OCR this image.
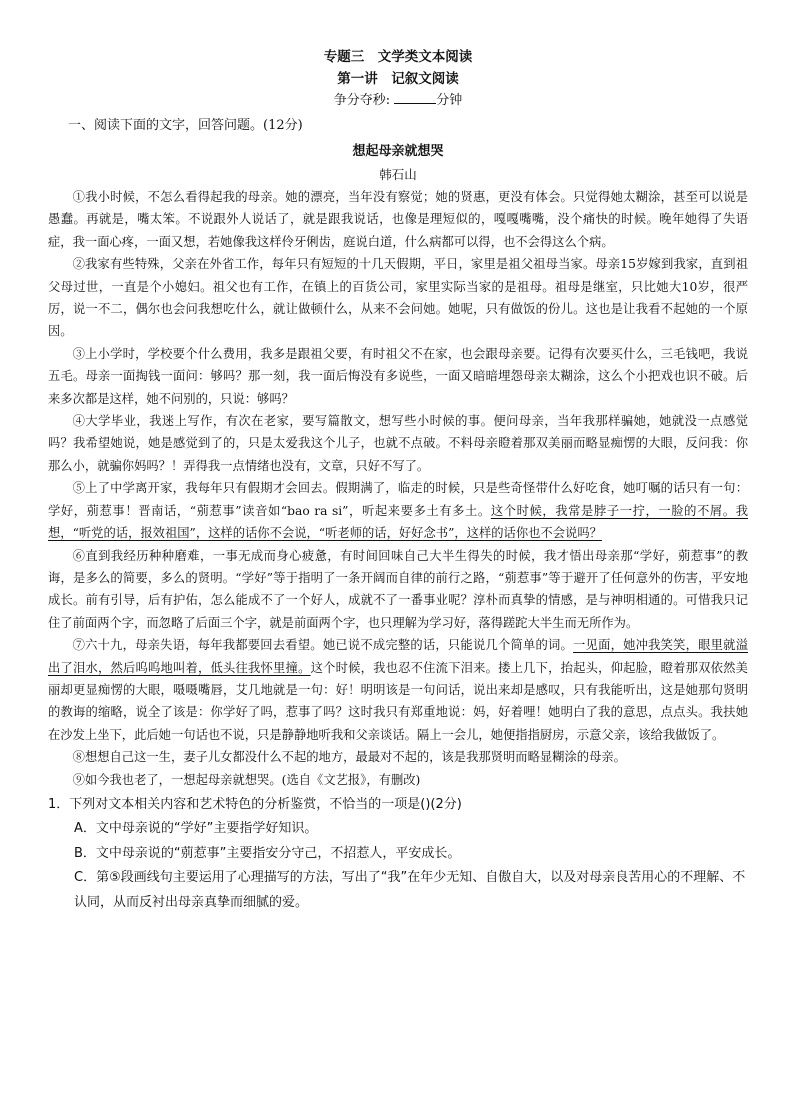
专题三　文学类文本阅读
第一讲　记叙文阅读
争分夺秒:	分钟
一、阅读下面的文字，回答问题。(12分)
想起母亲就想哭
韩石山

①我小时候，不怎么看得起我的母亲。她的漂亮，当年没有察觉；她的贤惠，更没有体会。只觉得她太糊涂，甚至可以说是愚蠢。再就是，嘴太笨。不说跟外人说话了，就是跟我说话，也像是理短似的，嘎嘎嘴嘴，没个痛快的时候。晚年她得了失语症，我一面心疼，一面又想，若她像我这样伶牙俐齿，庭说白道，什么病都可以得，也不会得这么个病。

②我家有些特殊，父亲在外省工作，每年只有短短的十几天假期，平日，家里是祖父祖母当家。母亲15岁嫁到我家，直到祖父母过世，一直是个小媳妇。祖父也有工作，在镇上的百货公司，家里实际当家的是祖母。祖母是继室，只比她大10岁，很严厉，说一不二，偶尔也会问我想吃什么，就让做顿什么，从来不会问她。她呢，只有做饭的份儿。这也是让我看不起她的一个原因。

③上小学时，学校要个什么费用，我多是跟祖父要，有时祖父不在家，也会跟母亲要。记得有次要买什么，三毛钱吧，我说五毛。母亲一面掏钱一面问：够吗？那一刻，我一面后悔没有多说些，一面又暗暗埋怨母亲太糊涂，这么个小把戏也识不破。后来多次都是这样，她不问别的，只说：够吗？

④大学毕业，我迷上写作，有次在老家，要写篇散文，想写些小时候的事。便问母亲，当年我那样骗她，她就没一点感觉吗？我希望她说，她是感觉到了的，只是太爱我这个儿子，也就不点破。不料母亲瞪着那双美丽而略显痴愣的大眼，反问我：你那么小，就骗你妈吗？！弄得我一点情绪也没有，文章，只好不写了。

⑤上了中学离开家，我每年只有假期才会回去。假期满了，临走的时候，只是些奇怪带什么好吃食，她叮嘱的话只有一句：学好，莂惹事！晋南话，“莂惹事”读音如“bao ra si”，听起来要多土有多土。这个时候，我常是脖子一拧，一脸的不屑。我想，“听党的话，报效祖国”，这样的话你不会说，“听老师的话，好好念书”，这样的话你也不会说吗？

⑥直到我经历种种磨难，一事无成而身心疲惫，有时间回味自己大半生得失的时候，我才悟出母亲那“学好，莂惹事”的教诲，是多么的简要，多么的贤明。“学好”等于指明了一条开阔而自律的前行之路，“莂惹事”等于避开了任何意外的伤害，平安地成长。前有引导，后有护佑，怎么能成不了一个好人，成就不了一番事业呢？淳朴而真挚的情感，是与神明相通的。可惜我只记住了前面两个字，而忽略了后面三个字，就是前面两个字，也只理解为学习好，落得蹉跎大半生而无所作为。

⑦六十九，母亲失语，每年我都要回去看望。她已说不成完整的话，只能说几个简单的词。一见面，她冲我笑笑，眼里就溢出了泪水，然后呜呜地叫着，低头往我怀里撞。这个时候，我也忍不住流下泪来。搂上几下，抬起头，仰起脸，瞪着那双依然美丽却更显痴愣的大眼，嗫嗫嘴唇，艾几地就是一句：好！明明该是一句问话，说出来却是感叹，只有我能听出，这是她那句贤明的教诲的缩略，说全了该是：你学好了吗，惹事了吗？这时我只有郑重地说：妈，好着哩！她明白了我的意思，点点头。我扶她在沙发上坐下，此后她一句话也不说，只是静静地听我和父亲谈话。隔上一会儿，她便指指厨房，示意父亲，该给我做饭了。

⑧想想自己这一生，妻子儿女都没什么不起的地方，最最对不起的，该是我那贤明而略显糊涂的母亲。

⑨如今我也老了，一想起母亲就想哭。(选自《文艺报》，有删改)

1．下列对文本相关内容和艺术特色的分析鉴赏，不恰当的一项是()(2分)
A．文中母亲说的“学好”主要指学好知识。
B．文中母亲说的“莂惹事”主要指安分守己，不招惹人，平安成长。
C．第⑤段画线句主要运用了心理描写的方法，写出了“我”在年少无知、自傲自大，以及对母亲良苦用心的不理解、不认同，从而反衬出母亲真挚而细腻的爱。
